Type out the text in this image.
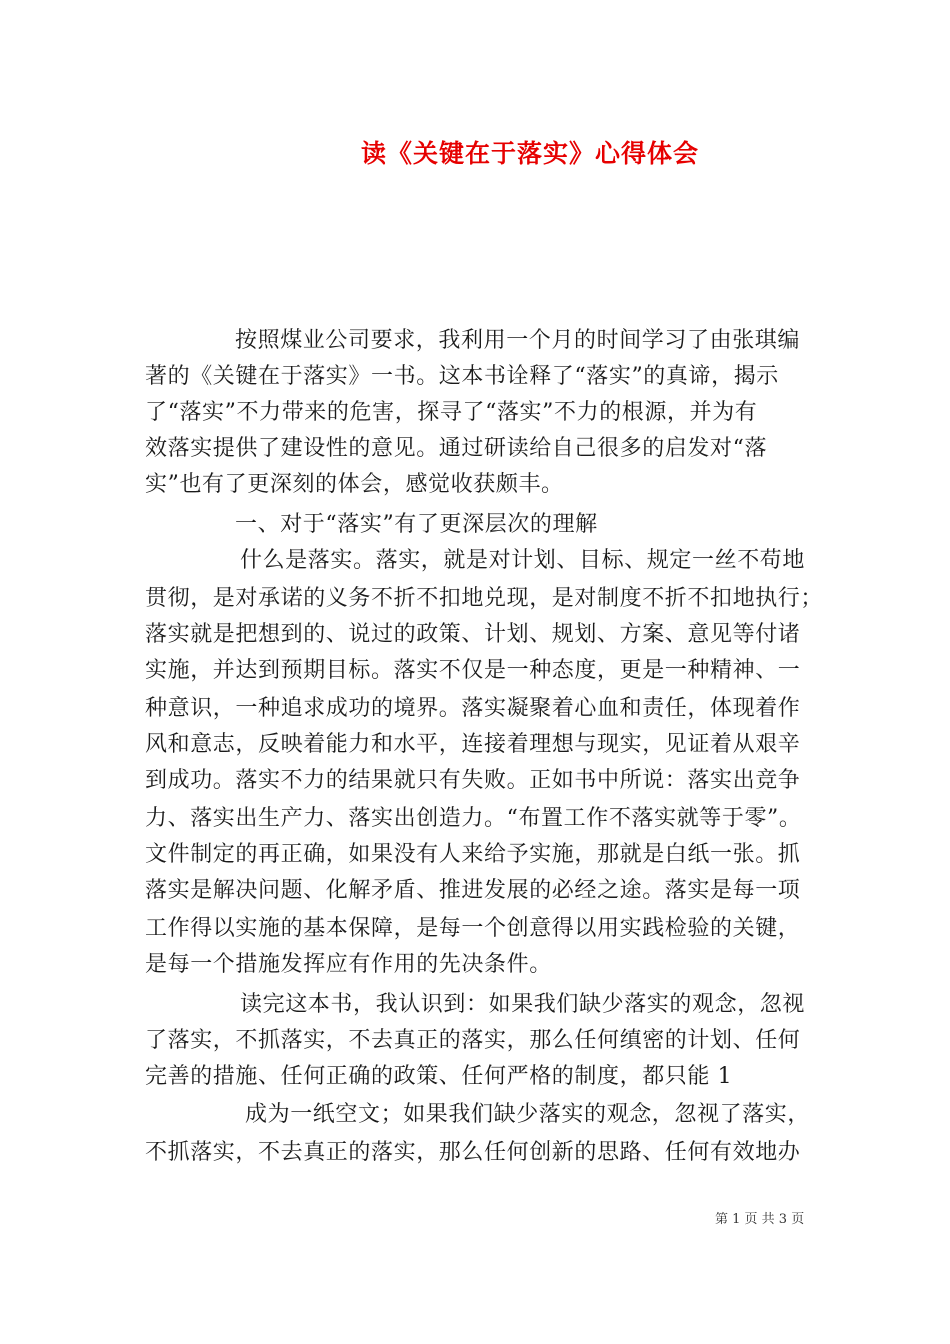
读《关键在于落实》心得体会
按照煤业公司要求，我利用一个月的时间学习了由张琪编
著的《关键在于落实》一书。这本书诠释了“落实”的真谛，揭示
了“落实”不力带来的危害，探寻了“落实”不力的根源，并为有
效落实提供了建设性的意见。通过研读给自己很多的启发对“落
实”也有了更深刻的体会，感觉收获颇丰。
一、对于“落实”有了更深层次的理解
什么是落实。落实，就是对计划、目标、规定一丝不苟地
贯彻，是对承诺的义务不折不扣地兑现，是对制度不折不扣地执行；
落实就是把想到的、说过的政策、计划、规划、方案、意见等付诸
实施，并达到预期目标。落实不仅是一种态度，更是一种精神、一
种意识，一种追求成功的境界。落实凝聚着心血和责任，体现着作
风和意志，反映着能力和水平，连接着理想与现实，见证着从艰辛
到成功。落实不力的结果就只有失败。正如书中所说：落实出竞争
力、落实出生产力、落实出创造力。“布置工作不落实就等于零”。
文件制定的再正确，如果没有人来给予实施，那就是白纸一张。抓
落实是解决问题、化解矛盾、推进发展的必经之途。落实是每一项
工作得以实施的基本保障，是每一个创意得以用实践检验的关键，
是每一个措施发挥应有作用的先决条件。
读完这本书，我认识到：如果我们缺少落实的观念，忽视
了落实，不抓落实，不去真正的落实，那么任何缜密的计划、任何
完善的措施、任何正确的政策、任何严格的制度，都只能 1
成为一纸空文；如果我们缺少落实的观念，忽视了落实，
不抓落实，不去真正的落实，那么任何创新的思路、任何有效地办
第 1 页 共 3 页
